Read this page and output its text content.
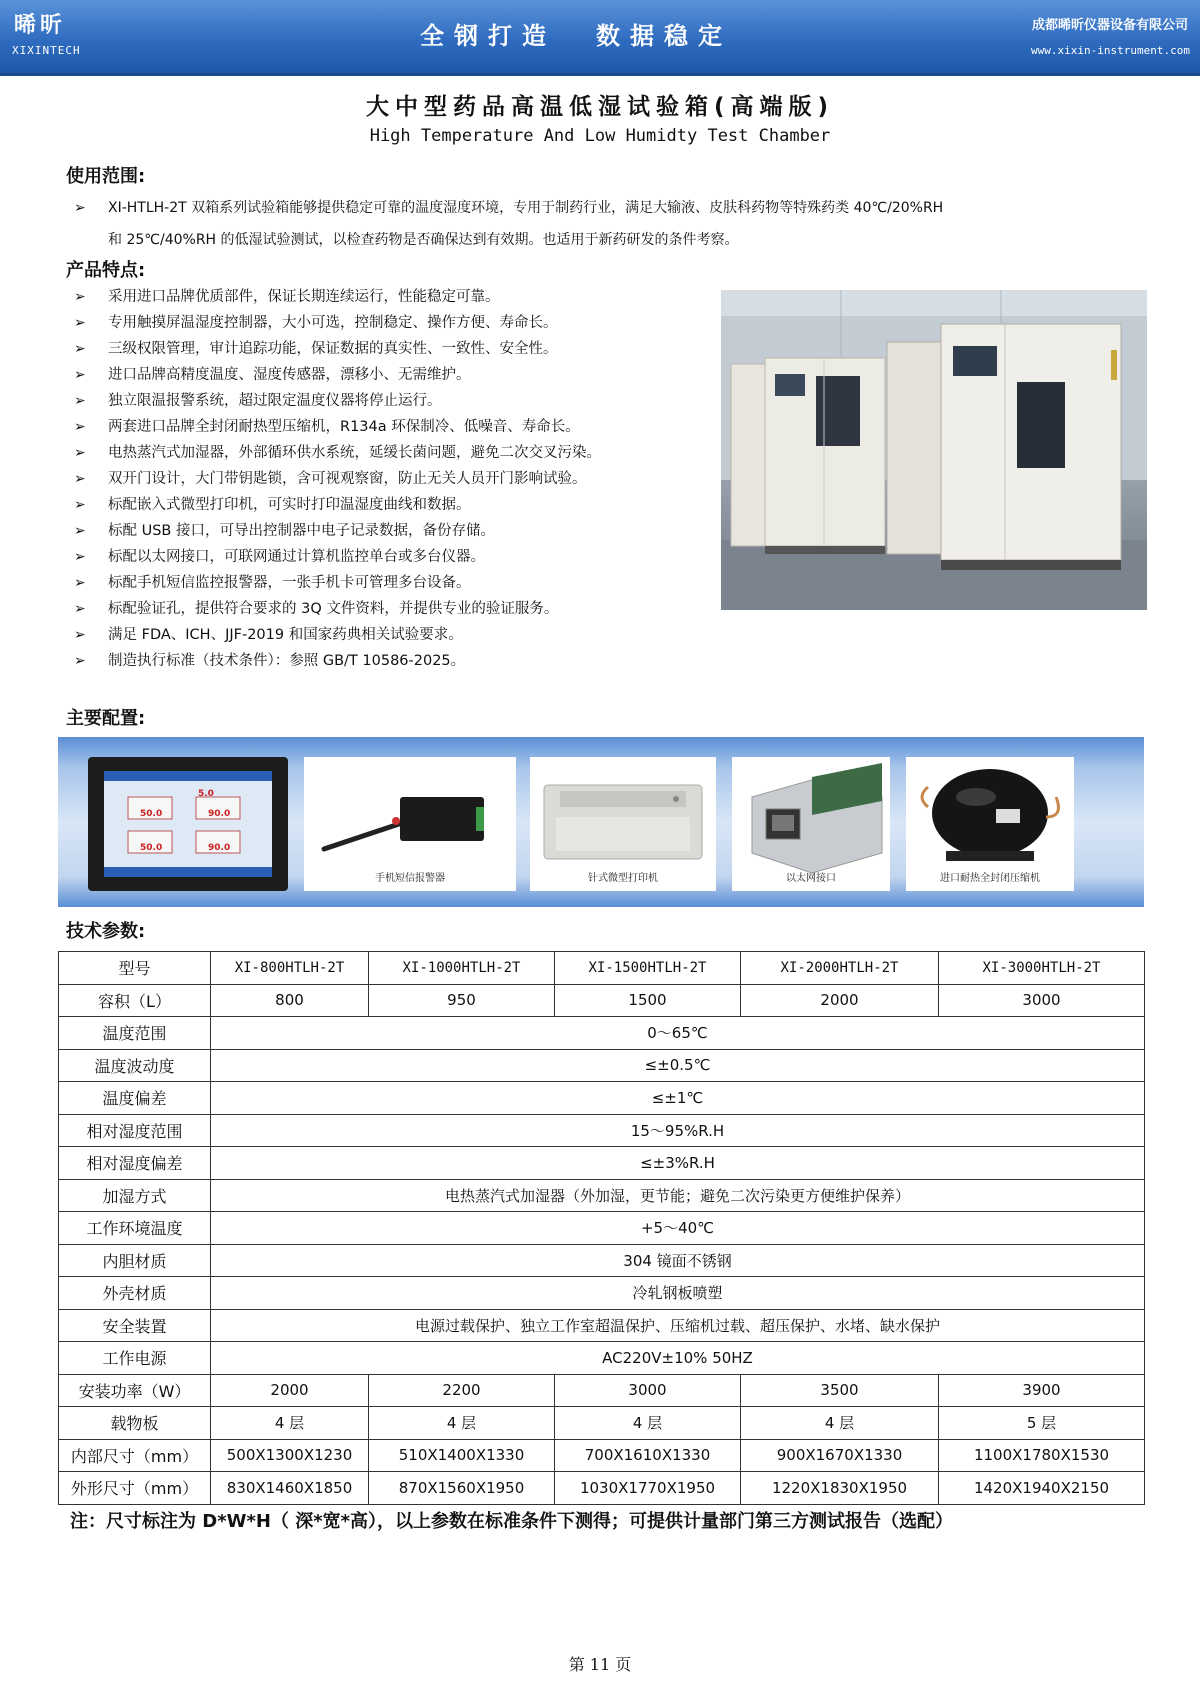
晞昕
XIXINTECH
全钢打造 数据稳定	成都晞昕仪器设备有限公司
www.xixin-instrument.com
大中型药品高温低湿试验箱(高端版)
High Temperature And Low Humidty Test Chamber
使用范围:
➢ XI-HTLH-2T 双箱系列试验箱能够提供稳定可靠的温度湿度环境，专用于制药行业，满足大输液、皮肤科药物等特殊药类 40℃/20%RH
和 25℃/40%RH 的低湿试验测试，以检查药物是否确保达到有效期。也适用于新药研发的条件考察。
产品特点:
➢ 采用进口品牌优质部件，保证长期连续运行，性能稳定可靠。
➢ 专用触摸屏温湿度控制器，大小可选，控制稳定、操作方便、寿命长。
➢ 三级权限管理，审计追踪功能，保证数据的真实性、一致性、安全性。
➢ 进口品牌高精度温度、湿度传感器，漂移小、无需维护。
➢ 独立限温报警系统，超过限定温度仪器将停止运行。
➢ 两套进口品牌全封闭耐热型压缩机，R134a 环保制冷、低噪音、寿命长。
➢ 电热蒸汽式加湿器，外部循环供水系统，延缓长菌问题，避免二次交叉污染。
➢ 双开门设计，大门带钥匙锁，含可视观察窗，防止无关人员开门影响试验。
➢ 标配嵌入式微型打印机，可实时打印温湿度曲线和数据。
➢ 标配 USB 接口，可导出控制器中电子记录数据，备份存储。
➢ 标配以太网接口，可联网通过计算机监控单台或多台仪器。
➢ 标配手机短信监控报警器，一张手机卡可管理多台设备。
➢ 标配验证孔，提供符合要求的 3Q 文件资料，并提供专业的验证服务。
➢ 满足 FDA、ICH、JJF-2019 和国家药典相关试验要求。
➢ 制造执行标准（技术条件）：参照 GB/T 10586-2025。
主要配置:
5.0
50.0	90.0
50.0	90.0
手机短信报警器	针式微型打印机	以太网接口	进口耐热全封闭压缩机
技术参数:
型号	XI-800HTLH-2T	XI-1000HTLH-2T	XI-1500HTLH-2T	XI-2000HTLH-2T	XI-3000HTLH-2T
容积（L）	800	950	1500	2000	3000
温度范围	0～65℃				
温度波动度	≤±0.5℃				
温度偏差	≤±1℃				
相对湿度范围	15～95%R.H				
相对湿度偏差	≤±3%R.H				
加湿方式	电热蒸汽式加湿器（外加湿，更节能；避免二次污染更方便维护保养）				
工作环境温度	+5～40℃				
内胆材质	304 镜面不锈钢				
外壳材质	冷轧钢板喷塑				
安全装置	电源过载保护、独立工作室超温保护、压缩机过载、超压保护、水堵、缺水保护				
工作电源	AC220V±10% 50HZ				
安装功率（W）	2000	2200	3000	3500	3900
载物板	4 层	4 层	4 层	4 层	5 层
内部尺寸（mm）	500X1300X1230	510X1400X1330	700X1610X1330	900X1670X1330	1100X1780X1530
外形尺寸（mm）	830X1460X1850	870X1560X1950	1030X1770X1950	1220X1830X1950	1420X1940X2150
注：尺寸标注为 D*W*H（ 深*宽*高），以上参数在标准条件下测得；可提供计量部门第三方测试报告（选配）
第 11 页
